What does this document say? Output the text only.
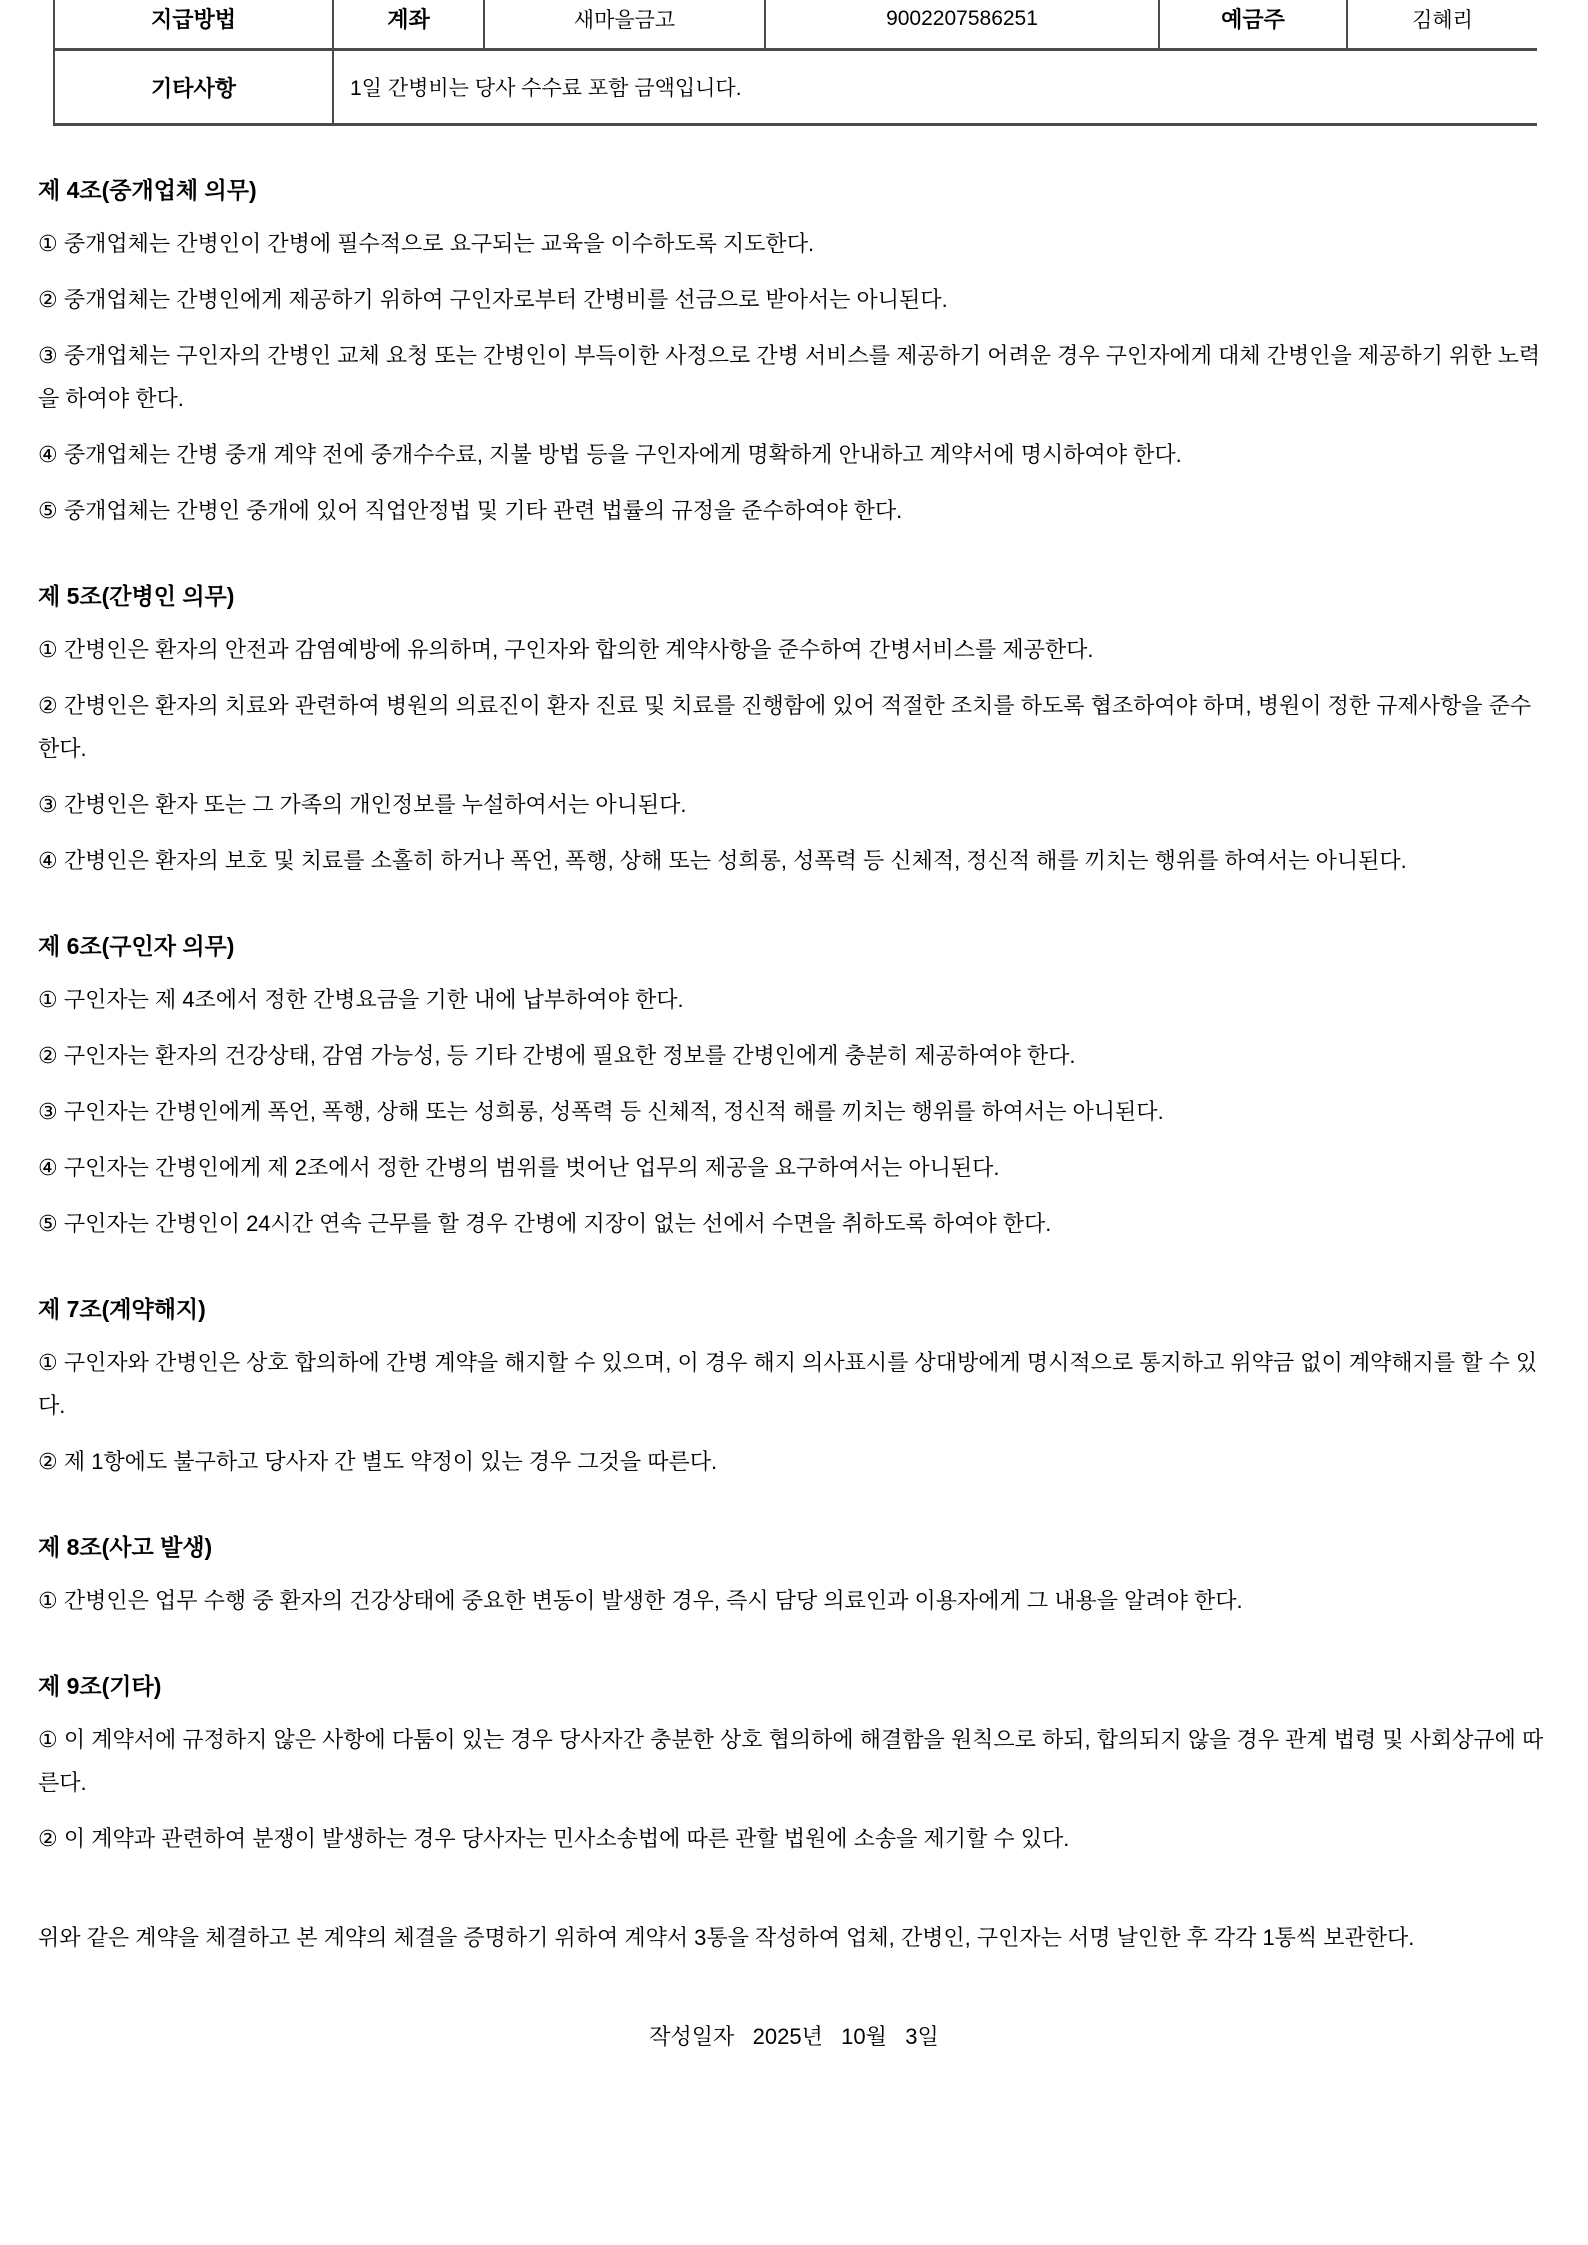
지급방법	계좌	새마을금고	9002207586251	예금주	김혜리
기타사항	1일 간병비는 당사 수수료 포함 금액입니다.				
제 4조(중개업체 의무)

① 중개업체는 간병인이 간병에 필수적으로 요구되는 교육을 이수하도록 지도한다.

② 중개업체는 간병인에게 제공하기 위하여 구인자로부터 간병비를 선금으로 받아서는 아니된다.

③ 중개업체는 구인자의 간병인 교체 요청 또는 간병인이 부득이한 사정으로 간병 서비스를 제공하기 어려운 경우 구인자에게 대체 간병인을 제공하기 위한 노력을 하여야 한다.

④ 중개업체는 간병 중개 계약 전에 중개수수료, 지불 방법 등을 구인자에게 명확하게 안내하고 계약서에 명시하여야 한다.

⑤ 중개업체는 간병인 중개에 있어 직업안정법 및 기타 관련 법률의 규정을 준수하여야 한다.

제 5조(간병인 의무)

① 간병인은 환자의 안전과 감염예방에 유의하며, 구인자와 합의한 계약사항을 준수하여 간병서비스를 제공한다.

② 간병인은 환자의 치료와 관련하여 병원의 의료진이 환자 진료 및 치료를 진행함에 있어 적절한 조치를 하도록 협조하여야 하며, 병원이 정한 규제사항을 준수한다.

③ 간병인은 환자 또는 그 가족의 개인정보를 누설하여서는 아니된다.

④ 간병인은 환자의 보호 및 치료를 소홀히 하거나 폭언, 폭행, 상해 또는 성희롱, 성폭력 등 신체적, 정신적 해를 끼치는 행위를 하여서는 아니된다.

제 6조(구인자 의무)

① 구인자는 제 4조에서 정한 간병요금을 기한 내에 납부하여야 한다.

② 구인자는 환자의 건강상태, 감염 가능성, 등 기타 간병에 필요한 정보를 간병인에게 충분히 제공하여야 한다.

③ 구인자는 간병인에게 폭언, 폭행, 상해 또는 성희롱, 성폭력 등 신체적, 정신적 해를 끼치는 행위를 하여서는 아니된다.

④ 구인자는 간병인에게 제 2조에서 정한 간병의 범위를 벗어난 업무의 제공을 요구하여서는 아니된다.

⑤ 구인자는 간병인이 24시간 연속 근무를 할 경우 간병에 지장이 없는 선에서 수면을 취하도록 하여야 한다.

제 7조(계약해지)

① 구인자와 간병인은 상호 합의하에 간병 계약을 해지할 수 있으며, 이 경우 해지 의사표시를 상대방에게 명시적으로 통지하고 위약금 없이 계약해지를 할 수 있다.

② 제 1항에도 불구하고 당사자 간 별도 약정이 있는 경우 그것을 따른다.

제 8조(사고 발생)

① 간병인은 업무 수행 중 환자의 건강상태에 중요한 변동이 발생한 경우, 즉시 담당 의료인과 이용자에게 그 내용을 알려야 한다.

제 9조(기타)

① 이 계약서에 규정하지 않은 사항에 다툼이 있는 경우 당사자간 충분한 상호 협의하에 해결함을 원칙으로 하되, 합의되지 않을 경우 관계 법령 및 사회상규에 따른다.

② 이 계약과 관련하여 분쟁이 발생하는 경우 당사자는 민사소송법에 따른 관할 법원에 소송을 제기할 수 있다.

위와 같은 계약을 체결하고 본 계약의 체결을 증명하기 위하여 계약서 3통을 작성하여 업체, 간병인, 구인자는 서명 날인한 후 각각 1통씩 보관한다.

작성일자   2025년   10월   3일
